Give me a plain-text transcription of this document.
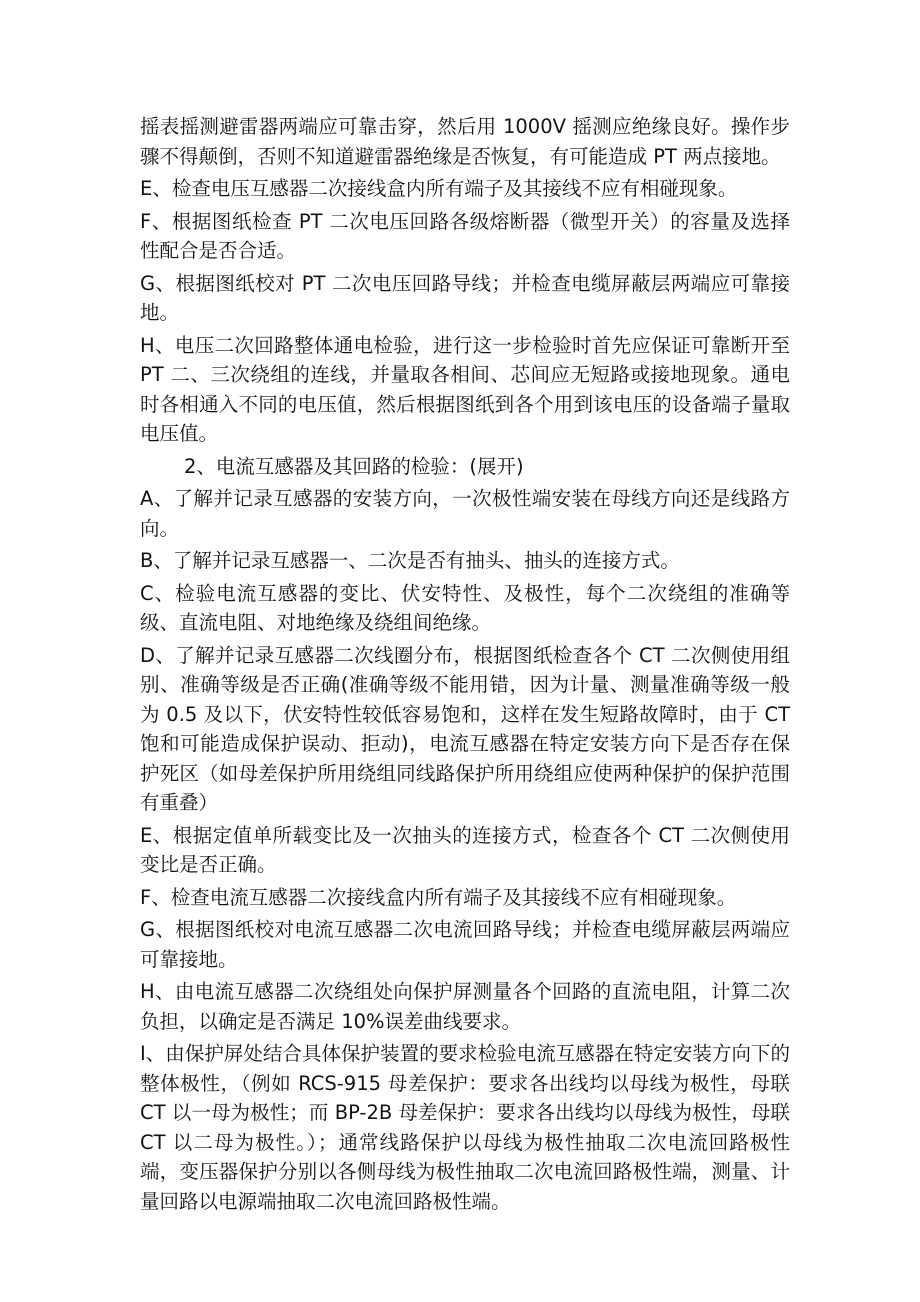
摇表摇测避雷器两端应可靠击穿，然后用 1000V 摇测应绝缘良好。操作步骤不得颠倒，否则不知道避雷器绝缘是否恢复，有可能造成 PT 两点接地。

E、检查电压互感器二次接线盒内所有端子及其接线不应有相碰现象。

F、根据图纸检查 PT 二次电压回路各级熔断器（微型开关）的容量及选择性配合是否合适。

G、根据图纸校对 PT 二次电压回路导线；并检查电缆屏蔽层两端应可靠接地。

H、电压二次回路整体通电检验，进行这一步检验时首先应保证可靠断开至 PT 二、三次绕组的连线，并量取各相间、芯间应无短路或接地现象。通电时各相通入不同的电压值，然后根据图纸到各个用到该电压的设备端子量取电压值。

2、电流互感器及其回路的检验：(展开)

A、了解并记录互感器的安装方向，一次极性端安装在母线方向还是线路方向。

B、了解并记录互感器一、二次是否有抽头、抽头的连接方式。

C、检验电流互感器的变比、伏安特性、及极性，每个二次绕组的准确等级、直流电阻、对地绝缘及绕组间绝缘。

D、了解并记录互感器二次线圈分布，根据图纸检查各个 CT 二次侧使用组别、准确等级是否正确(准确等级不能用错，因为计量、测量准确等级一般为 0.5 及以下，伏安特性较低容易饱和，这样在发生短路故障时，由于 CT 饱和可能造成保护误动、拒动)，电流互感器在特定安装方向下是否存在保护死区（如母差保护所用绕组同线路保护所用绕组应使两种保护的保护范围有重叠）

E、根据定值单所载变比及一次抽头的连接方式，检查各个 CT 二次侧使用变比是否正确。

F、检查电流互感器二次接线盒内所有端子及其接线不应有相碰现象。

G、根据图纸校对电流互感器二次电流回路导线；并检查电缆屏蔽层两端应可靠接地。

H、由电流互感器二次绕组处向保护屏测量各个回路的直流电阻，计算二次负担，以确定是否满足 10%误差曲线要求。

I、由保护屏处结合具体保护装置的要求检验电流互感器在特定安装方向下的整体极性，（例如 RCS-915 母差保护：要求各出线均以母线为极性，母联 CT 以一母为极性；而 BP-2B 母差保护：要求各出线均以母线为极性，母联 CT 以二母为极性。）；通常线路保护以母线为极性抽取二次电流回路极性端，变压器保护分别以各侧母线为极性抽取二次电流回路极性端，测量、计量回路以电源端抽取二次电流回路极性端。
